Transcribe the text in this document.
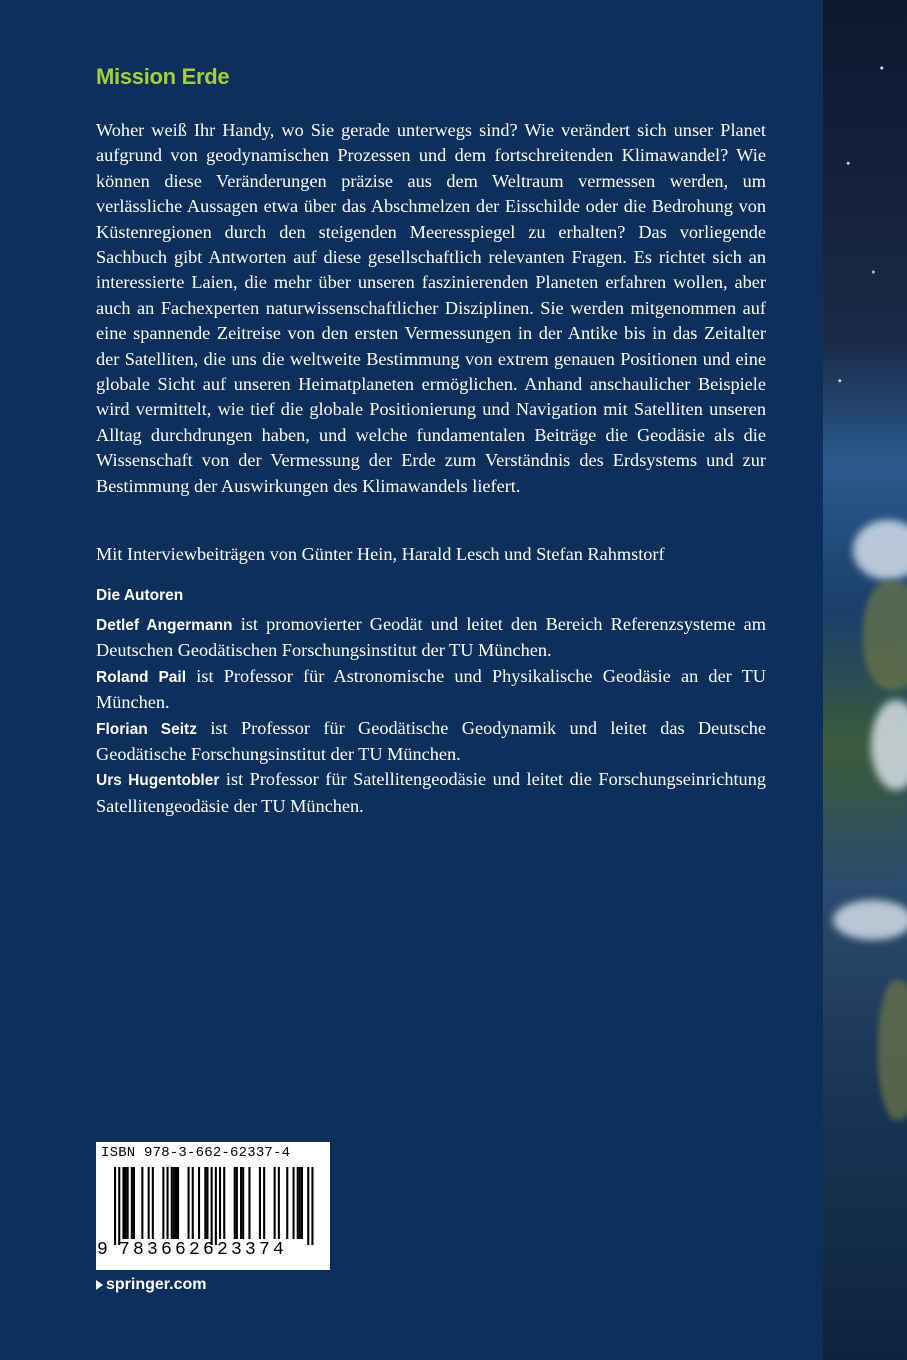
Mission Erde

Woher weiß Ihr Handy, wo Sie gerade unterwegs sind? Wie verändert sich unser Planet aufgrund von geodynamischen Prozessen und dem fortschreitenden Klimawandel? Wie können diese Veränderungen präzise aus dem Weltraum vermessen werden, um verlässliche Aussagen etwa über das Abschmelzen der Eisschilde oder die Bedrohung von Küstenregionen durch den steigenden Meeresspiegel zu erhalten? Das vorliegende Sachbuch gibt Antworten auf diese gesellschaftlich relevanten Fragen. Es richtet sich an interessierte Laien, die mehr über unseren faszinierenden Planeten erfahren wollen, aber auch an Fachexperten naturwissenschaftlicher Disziplinen. Sie werden mitgenommen auf eine spannende Zeitreise von den ersten Vermessungen in der Antike bis in das Zeitalter der Satelliten, die uns die weltweite Bestimmung von extrem genauen Positionen und eine globale Sicht auf unseren Heimatplaneten ermöglichen. Anhand anschaulicher Beispiele wird vermittelt, wie tief die globale Positionierung und Navigation mit Satelliten unseren Alltag durchdrungen haben, und welche fundamentalen Beiträge die Geodäsie als die Wissenschaft von der Vermessung der Erde zum Verständnis des Erdsystems und zur Bestimmung der Auswirkungen des Klimawandels liefert.

Mit Interviewbeiträgen von Günter Hein, Harald Lesch und Stefan Rahmstorf

Die Autoren

Detlef Angermann ist promovierter Geodät und leitet den Bereich Referenzsysteme am Deutschen Geodätischen Forschungsinstitut der TU München.

Roland Pail ist Professor für Astronomische und Physikalische Geodäsie an der TU München.

Florian Seitz ist Professor für Geodätische Geodynamik und leitet das Deutsche Geodätische Forschungsinstitut der TU München.

Urs Hugentobler ist Professor für Satellitengeodäsie und leitet die Forschungseinrichtung Satellitengeodäsie der TU München.

ISBN 978-3-662-62337-4
9 783662623374
springer.com
